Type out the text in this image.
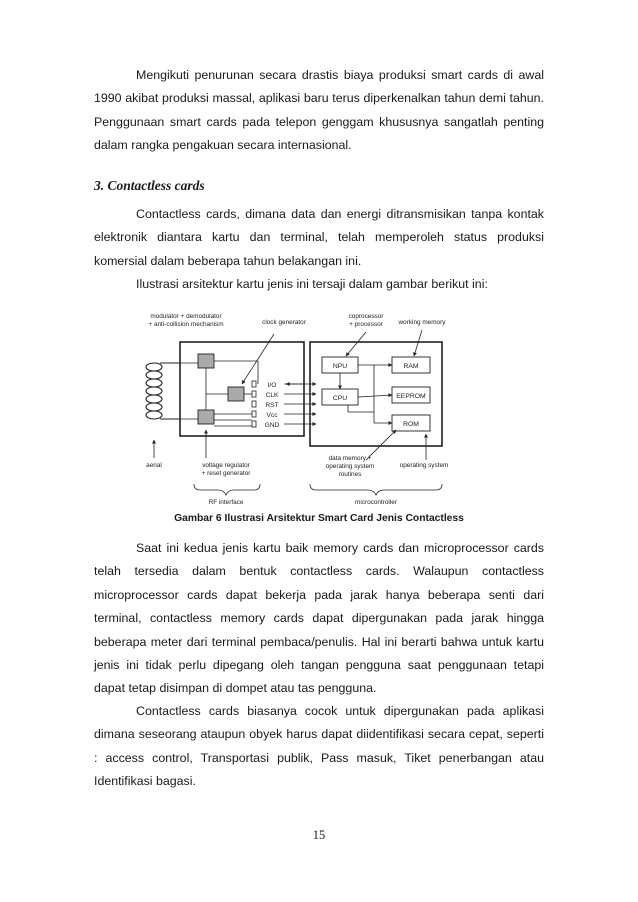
Mengikuti penurunan secara drastis biaya produksi smart cards di awal 1990 akibat produksi massal, aplikasi baru terus diperkenalkan tahun demi tahun. Penggunaan smart cards pada telepon genggam khususnya sangatlah penting dalam rangka pengakuan secara internasional.

3. Contactless cards

Contactless cards, dimana data dan energi ditransmisikan tanpa kontak elektronik diantara kartu dan terminal, telah memperoleh status produksi komersial dalam beberapa tahun belakangan ini.

Ilustrasi arsitektur kartu jenis ini tersaji dalam gambar berikut ini:

modulator + demodulator
+ anti-collision mechanism	clock generator
coprocessor
+ processor working memory
I/O
CLK
RST
Vcc
GND
NPU
CPU
RAM
EEPROM
ROM
aerial	voltage regulator
+ reset generator
data memory +
operating system
routines
operating system
RF interface	microcontroller

Gambar 6 Ilustrasi Arsitektur Smart Card Jenis Contactless

Saat ini kedua jenis kartu baik memory cards dan microprocessor cards telah tersedia dalam bentuk contactless cards. Walaupun contactless microprocessor cards dapat bekerja pada jarak hanya beberapa senti dari terminal, contactless memory cards dapat dipergunakan pada jarak hingga beberapa meter dari terminal pembaca/penulis. Hal ini berarti bahwa untuk kartu jenis ini tidak perlu dipegang oleh tangan pengguna saat penggunaan tetapi dapat tetap disimpan di dompet atau tas pengguna.

Contactless cards biasanya cocok untuk dipergunakan pada aplikasi dimana seseorang ataupun obyek harus dapat diidentifikasi secara cepat, seperti : access control, Transportasi publik, Pass masuk, Tiket penerbangan atau Identifikasi bagasi.

15
